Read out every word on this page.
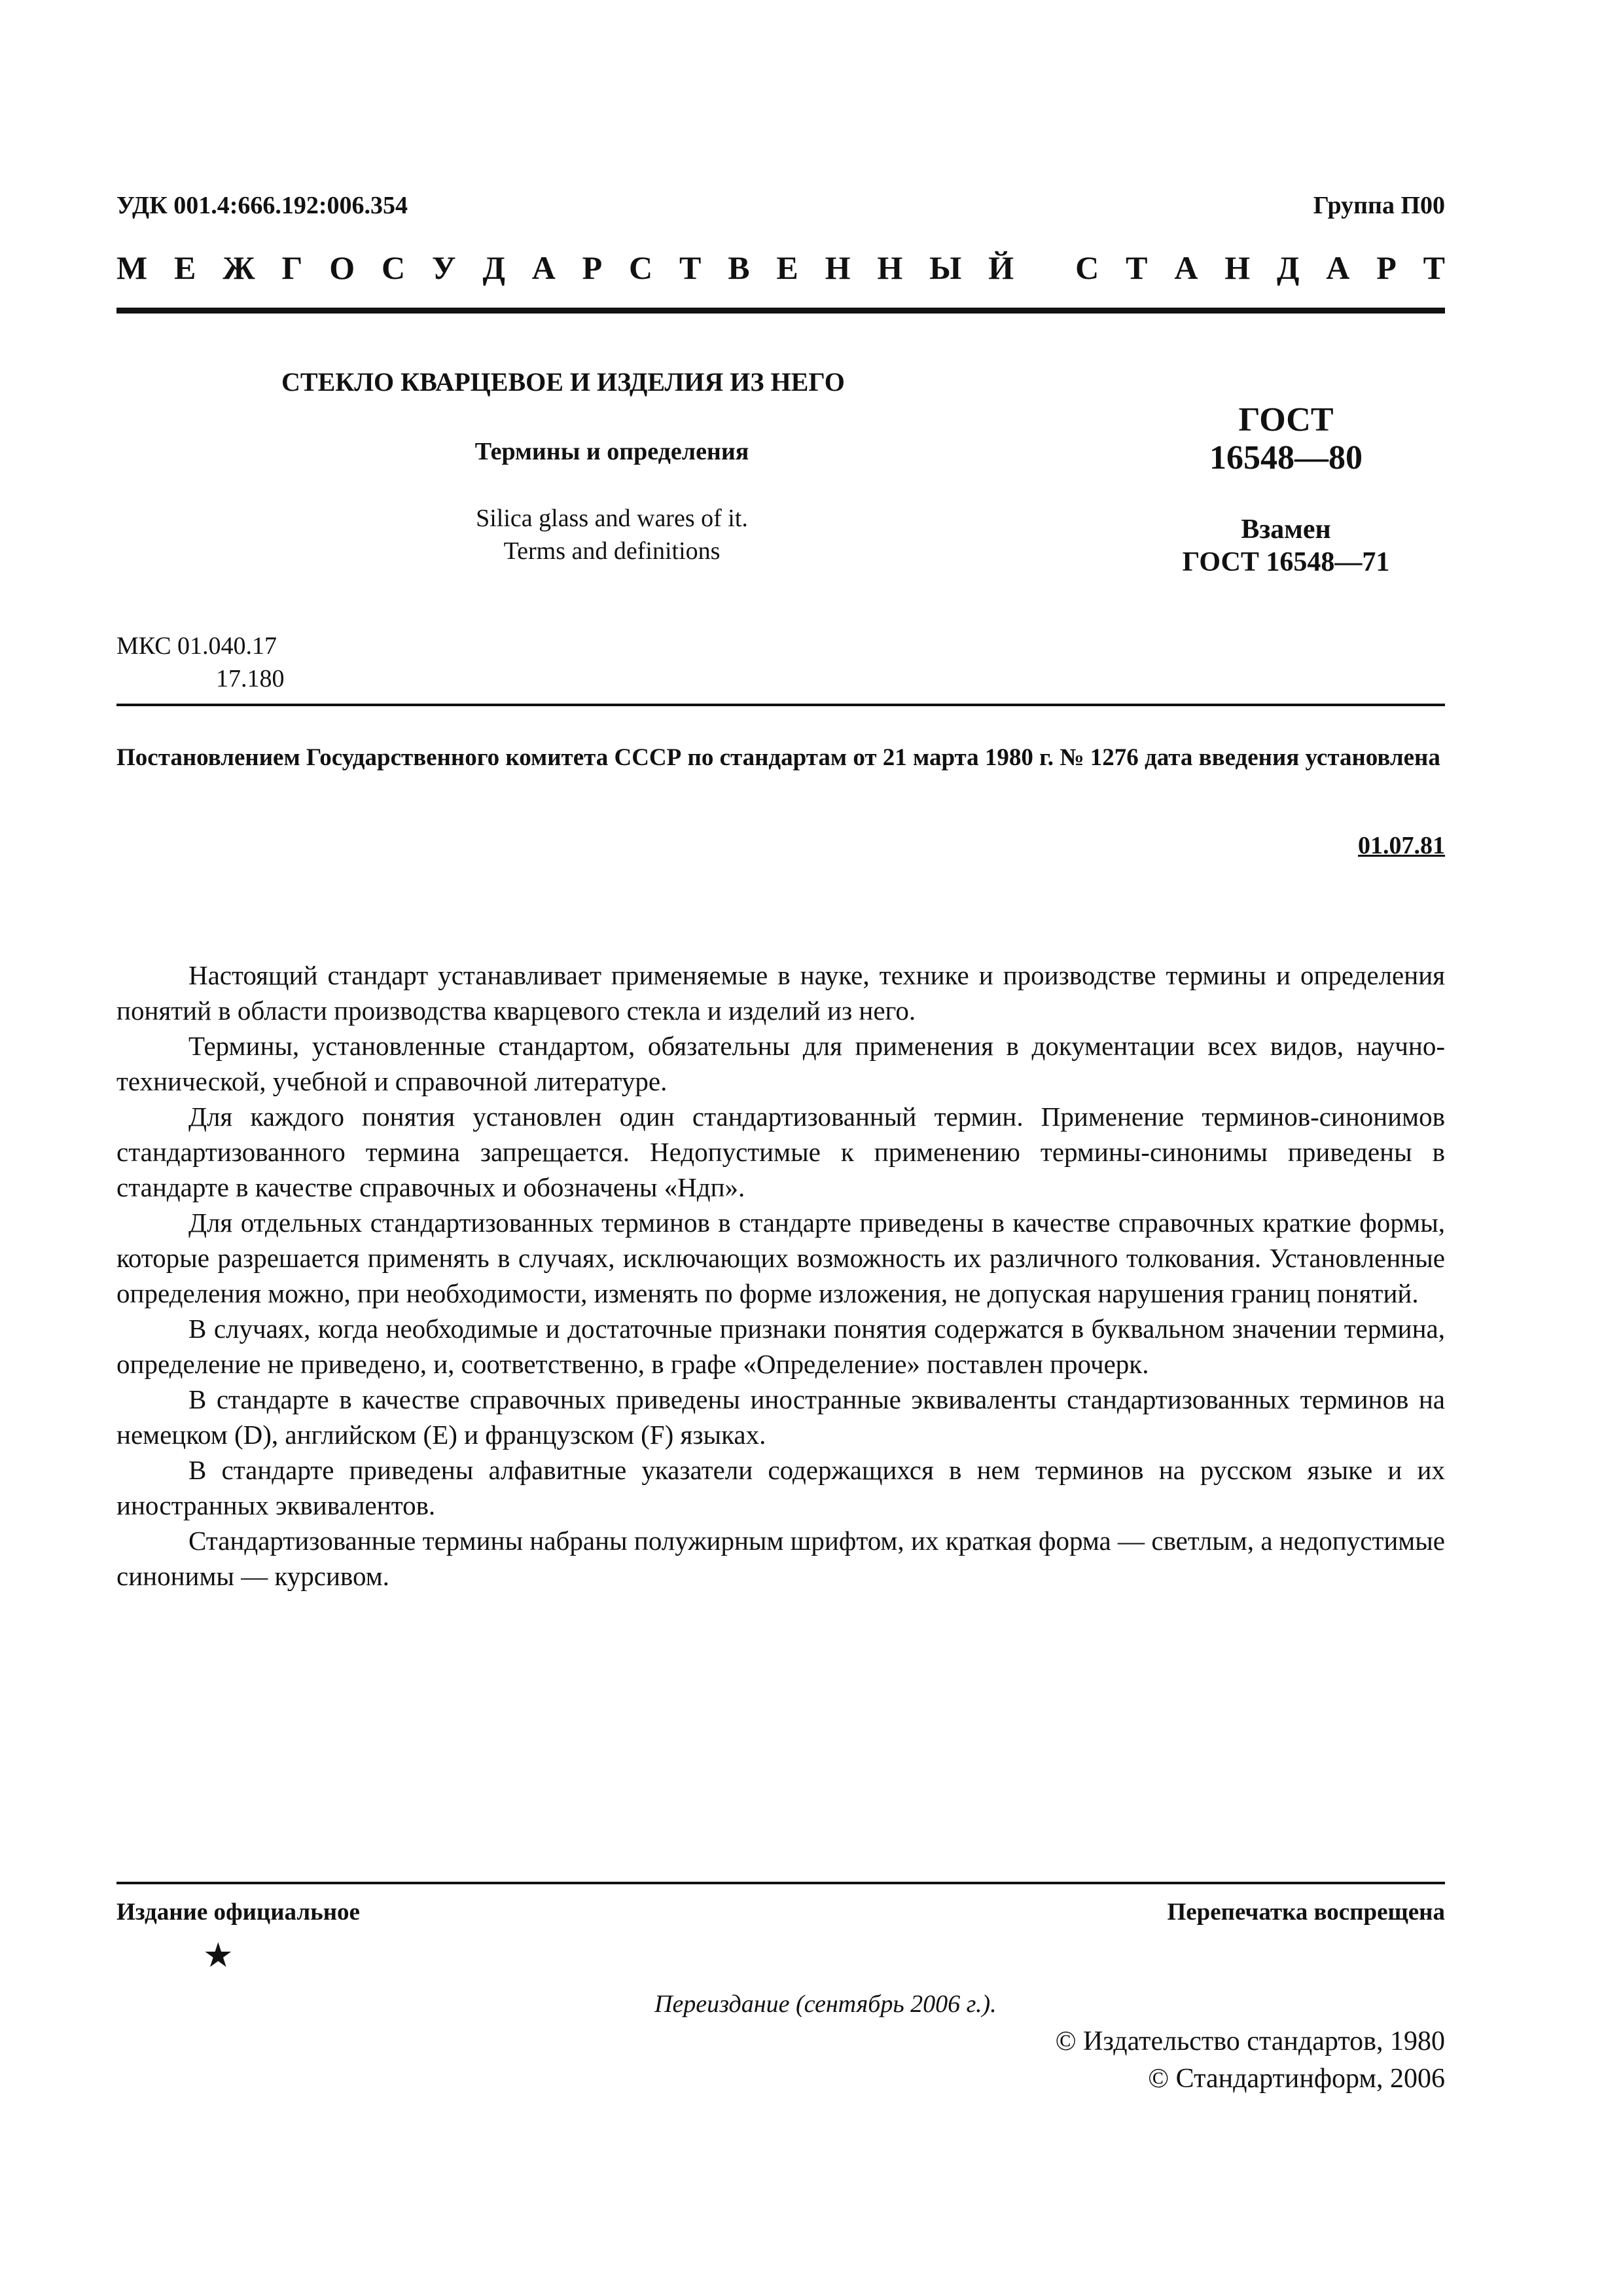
УДК 001.4:666.192:006.354	Группа П00
М Е Ж Г О С У Д А Р С Т В Е Н Н Ы Й
С Т А Н Д А Р Т
СТЕКЛО КВАРЦЕВОЕ И ИЗДЕЛИЯ ИЗ НЕГО
Термины и определения
Silica glass and wares of it.
Terms and definitions
ГОСТ
16548—80
Взамен
ГОСТ 16548—71
МКС 01.040.17
17.180
Постановлением Государственного комитета СССР по стандартам от 21 марта 1980 г. № 1276 дата введения установлена
01.07.81

Настоящий стандарт устанавливает применяемые в науке, технике и производстве термины и определения понятий в области производства кварцевого стекла и изделий из него.

Термины, установленные стандартом, обязательны для применения в документации всех видов, научно-технической, учебной и справочной литературе.

Для каждого понятия установлен один стандартизованный термин. Применение терминов-синонимов стандартизованного термина запрещается. Недопустимые к применению термины-синонимы приведены в стандарте в качестве справочных и обозначены «Ндп».

Для отдельных стандартизованных терминов в стандарте приведены в качестве справочных краткие формы, которые разрешается применять в случаях, исключающих возможность их различного толкования. Установленные определения можно, при необходимости, изменять по форме изложения, не допуская нарушения границ понятий.

В случаях, когда необходимые и достаточные признаки понятия содержатся в буквальном значении термина, определение не приведено, и, соответственно, в графе «Определение» поставлен прочерк.

В стандарте в качестве справочных приведены иностранные эквиваленты стандартизованных терминов на немецком (D), английском (E) и французском (F) языках.

В стандарте приведены алфавитные указатели содержащихся в нем терминов на русском языке и их иностранных эквивалентов.

Стандартизованные термины набраны полужирным шрифтом, их краткая форма — светлым, а недопустимые синонимы — курсивом.

Издание официальное	Перепечатка воспрещена
★
Переиздание (сентябрь 2006 г.).
© Издательство стандартов, 1980
© Стандартинформ, 2006
